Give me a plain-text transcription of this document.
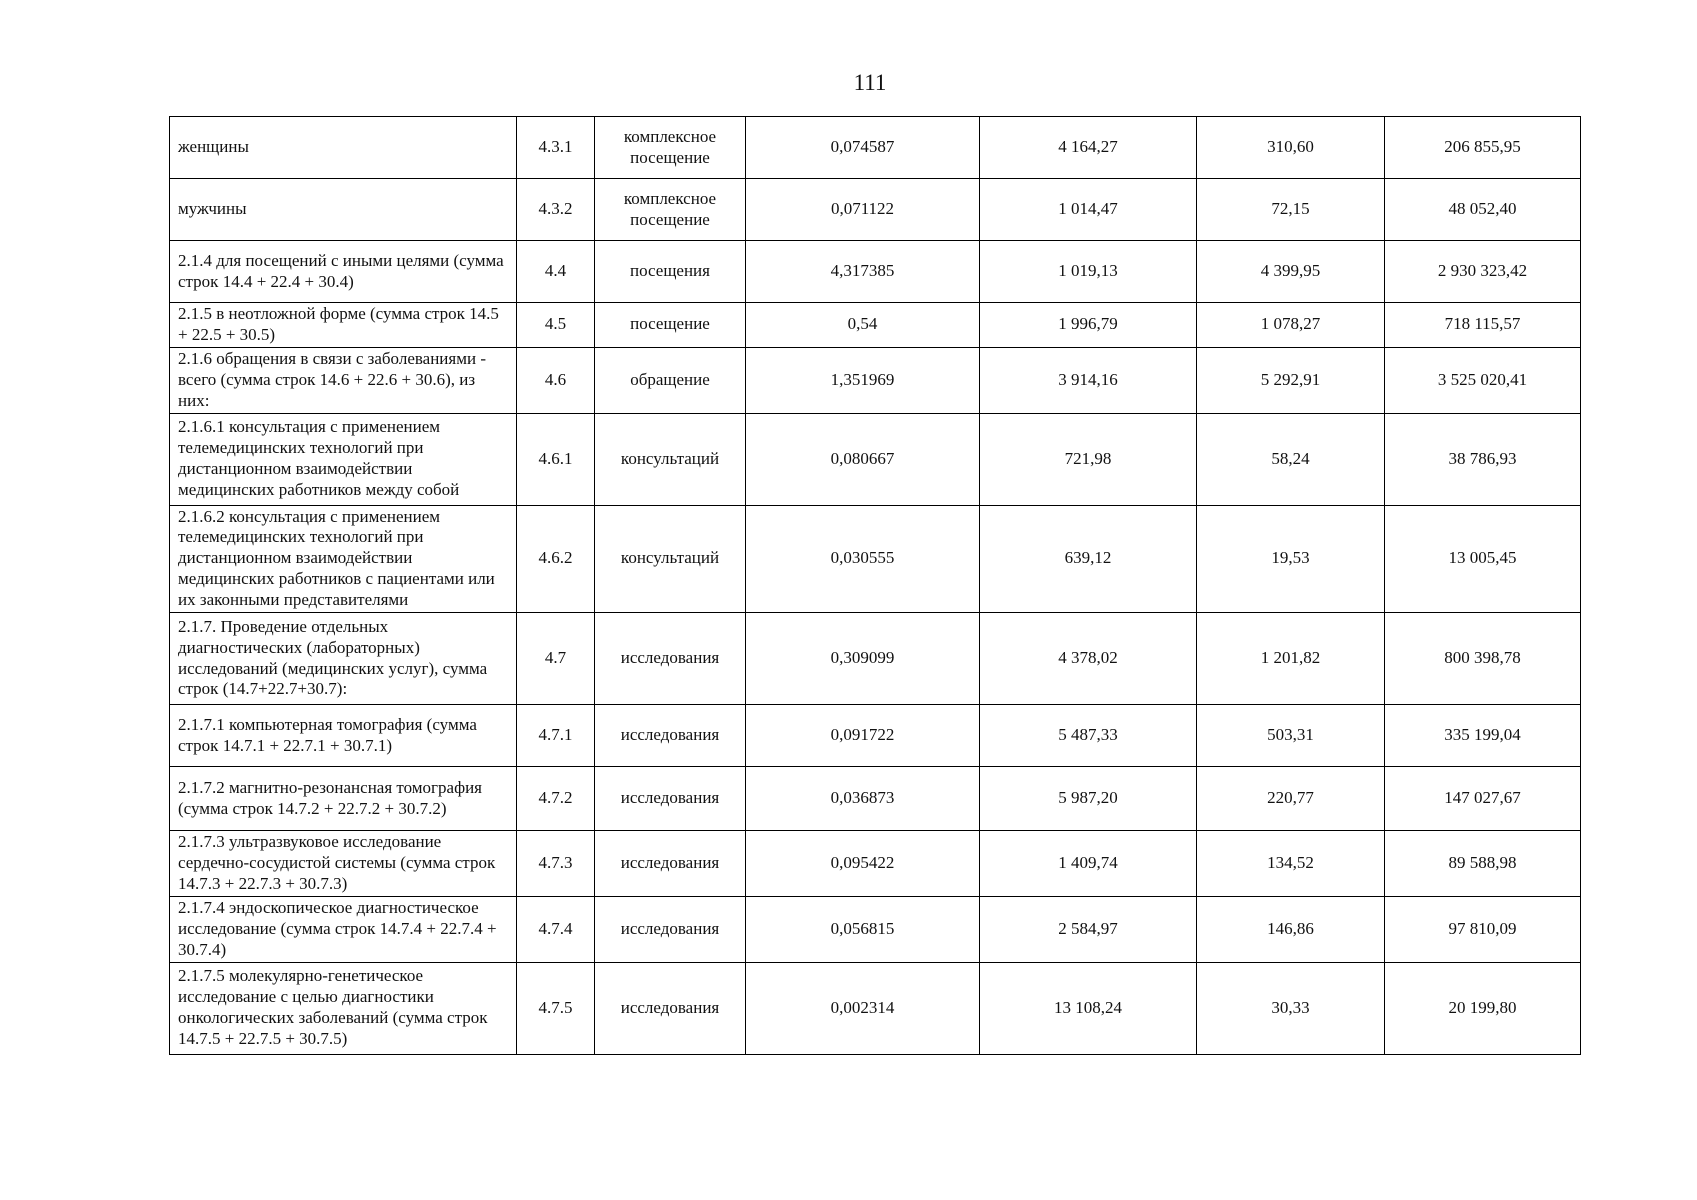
111
женщины	4.3.1	комплексное посещение	0,074587	4 164,27	310,60	206 855,95
мужчины	4.3.2	комплексное посещение	0,071122	1 014,47	72,15	48 052,40
2.1.4 для посещений с иными целями (сумма строк 14.4 + 22.4 + 30.4)	4.4	посещения	4,317385	1 019,13	4 399,95	2 930 323,42
2.1.5 в неотложной форме (сумма строк 14.5 + 22.5 + 30.5)	4.5	посещение	0,54	1 996,79	1 078,27	718 115,57
2.1.6 обращения в связи с заболеваниями - всего (сумма строк 14.6 + 22.6 + 30.6), из них:	4.6	обращение	1,351969	3 914,16	5 292,91	3 525 020,41
2.1.6.1 консультация с применением телемедицинских технологий при дистанционном взаимодействии медицинских работников между собой	4.6.1	консультаций	0,080667	721,98	58,24	38 786,93
2.1.6.2 консультация с применением телемедицинских технологий при дистанционном взаимодействии медицинских работников с пациентами или их законными представителями	4.6.2	консультаций	0,030555	639,12	19,53	13 005,45
2.1.7. Проведение отдельных диагностических (лабораторных) исследований (медицинских услуг), сумма строк (14.7+22.7+30.7):	4.7	исследования	0,309099	4 378,02	1 201,82	800 398,78
2.1.7.1 компьютерная томография (сумма строк 14.7.1 + 22.7.1 + 30.7.1)	4.7.1	исследования	0,091722	5 487,33	503,31	335 199,04
2.1.7.2 магнитно-резонансная томография (сумма строк 14.7.2 + 22.7.2 + 30.7.2)	4.7.2	исследования	0,036873	5 987,20	220,77	147 027,67
2.1.7.3 ультразвуковое исследование сердечно-сосудистой системы (сумма строк 14.7.3 + 22.7.3 + 30.7.3)	4.7.3	исследования	0,095422	1 409,74	134,52	89 588,98
2.1.7.4 эндоскопическое диагностическое исследование (сумма строк 14.7.4 + 22.7.4 + 30.7.4)	4.7.4	исследования	0,056815	2 584,97	146,86	97 810,09
2.1.7.5 молекулярно-генетическое исследование с целью диагностики онкологических заболеваний (сумма строк 14.7.5 + 22.7.5 + 30.7.5)	4.7.5	исследования	0,002314	13 108,24	30,33	20 199,80
